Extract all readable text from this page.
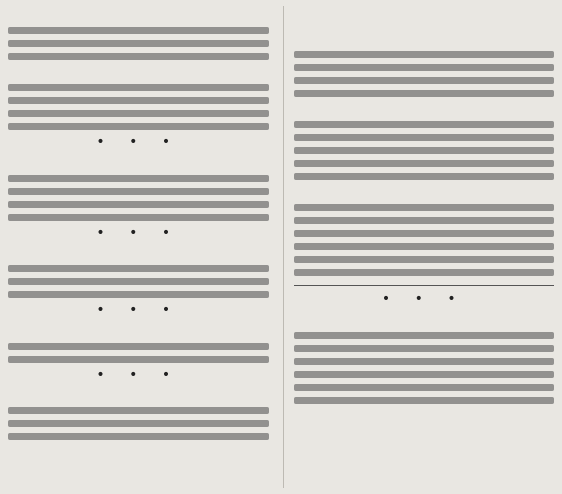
• • •

• • •

• • •

• • •

• • •
